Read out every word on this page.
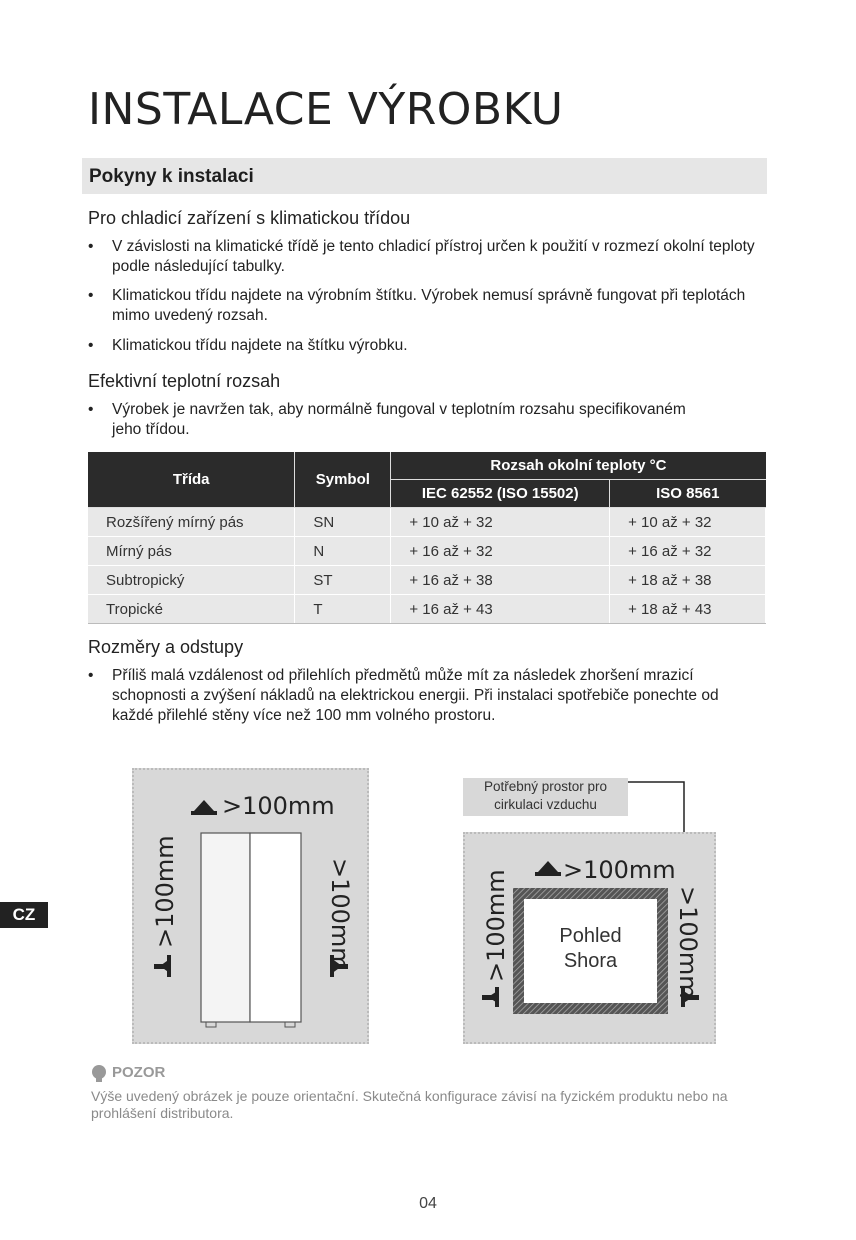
INSTALACE VÝROBKU
Pokyny k instalaci
Pro chladicí zařízení s klimatickou třídou
• V závislosti na klimatické třídě je tento chladicí přístroj určen k použití v rozmezí okolní teploty podle následující tabulky.
• Klimatickou třídu najdete na výrobním štítku. Výrobek nemusí správně fungovat při teplotách mimo uvedený rozsah.
• Klimatickou třídu najdete na štítku výrobku.
Efektivní teplotní rozsah
• Výrobek je navržen tak, aby normálně fungoval v teplotním rozsahu specifikovaném jeho třídou.
Třída	Symbol	Rozsah okolní teploty °C	
		IEC 62552 (ISO 15502)	ISO 8561
Rozšířený mírný pás	SN	+ 10 až + 32	+ 10 až + 32
Mírný pás	N	+ 16 až + 32	+ 16 až + 32
Subtropický	ST	+ 16 až + 38	+ 18 až + 38
Tropické	T	+ 16 až + 43	+ 18 až + 43
Rozměry a odstupy
• Příliš malá vzdálenost od přilehlích předmětů může mít za následek zhoršení mrazicí schopnosti a zvýšení nákladů na elektrickou energii. Při instalaci spotřebiče ponechte od každé přilehlé stěny více než 100 mm volného prostoru.
>100mm
>100mm	>100mm
Potřebný prostor pro cirkulaci vzduchu
>100mm
>100mm	>100mm
Pohled
Shora
CZ
POZOR
Výše uvedený obrázek je pouze orientační. Skutečná konfigurace závisí na fyzickém produktu nebo na prohlášení distributora.
04
